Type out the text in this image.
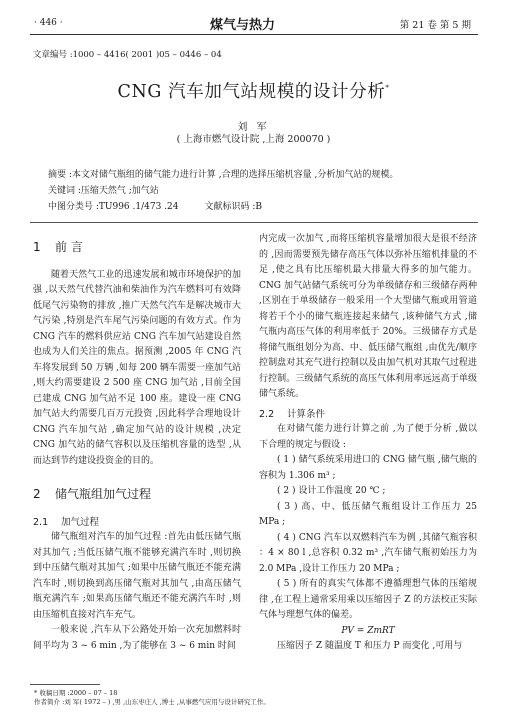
· 446 ·	煤气与热力	第 21 卷 第 5 期
文章编号 :1000 – 4416( 2001 )05 – 0446 – 04
CNG 汽车加气站规模的设计分析*
刘 军
( 上海市燃气设计院 ,上海 200070 )
摘要 :本文对储气瓶组的储气能力进行计算 ,合理的选择压缩机容量 ,分析加气站的规模。
关键词 :压缩天然气 ;加气站
中图分类号 :TU996 .1/473 .24	文献标识码 :B
1 前 言

随着天然气工业的迅速发展和城市环境保护的加强 ,以天然气代替汽油和柴油作为汽车燃料可有效降低尾气污染物的排放 ,推广天然气汽车是解决城市大气污染 ,特别是汽车尾气污染问题的有效方式。作为 CNG 汽车的燃料供应站 CNG 汽车加气站建设自然也成为人们关注的焦点。据预测 ,2005 年 CNG 汽车将发展到 50 万辆 ,如每 200 辆车需要一座加气站 ,则大约需要建设 2 500 座 CNG 加气站 ,目前全国已建成 CNG 加气站不足 100 座。建设一座 CNG 加气站大约需要几百万元投资 ,因此科学合理地设计 CNG 汽车加气站 ,确定加气站的设计规模 ,决定 CNG 加气站的储气容积以及压缩机容量的选型 ,从而达到节约建设投资金的目的。

2 储气瓶组加气过程
2.1 加气过程

储气瓶组对汽车的加气过程 :首先由低压储气瓶对其加气 ;当低压储气瓶不能够充满汽车时 ,则切换到中压储气瓶对其加气 ;如果中压储气瓶还不能充满汽车时 ,则切换到高压储气瓶对其加气 ,由高压储气瓶充满汽车 ;如果高压储气瓶还不能充满汽车时 ,则由压缩机直接对汽车充气。

一般来说 ,汽车从下公路处开始一次充加燃料时间平均为 3 ~ 6 min ,为了能够在 3 ~ 6 min 时间

内完成一次加气 ,而将压缩机容量增加很大是很不经济的 ,因而需要预先储存高压气体以弥补压缩机排量的不足 ,使之具有比压缩机最大排量大得多的加气能力。CNG 加气站储气系统可分为单级储存和三级储存两种 ,区别在于单级储存一般采用一个大型储气瓶或用管道将若干个小的储气瓶连接起来储气 ,该种储气方式 ,储气瓶内高压气体的利用率低于 20%。三级储存方式是将储气瓶组划分为高、中、低压储气瓶组 ,由优先/顺序控制盘对其充气进行控制以及由加气机对其取气过程进行控制。三级储气系统的高压气体利用率远远高于单级储气系统。

2.2 计算条件

在对储气能力进行计算之前 ,为了便于分析 ,做以下合理的规定与假设 :

( 1 ) 储气系统采用进口的 CNG 储气瓶 ,储气瓶的容积为 1.306 m³ ;

( 2 ) 设计工作温度 20 ℃ ;

( 3 ) 高、中、低压储气瓶组设计工作压力 25 MPa ;

( 4 ) CNG 汽车以双燃料汽车为例 ,其储气瓶容积 ：4 × 80 l ,总容积 0.32 m³ ,汽车储气瓶初始压力为 2.0 MPa ,设计工作压力 20 MPa ;

( 5 ) 所有的真实气体都不遵循理想气体的压缩规律 ,在工程上通常采用乘以压缩因子 Z 的方法校正实际气体与理想气体的偏差。

PV = ZmRT

压缩因子 Z 随温度 T 和压力 P 而变化 ,可用与

* 收稿日期 :2000 – 07 – 18
作者简介 :刘 军( 1972 – ) ,男 ,山东枣庄人 ,博士 ,从事燃气应用与设计研究工作。
